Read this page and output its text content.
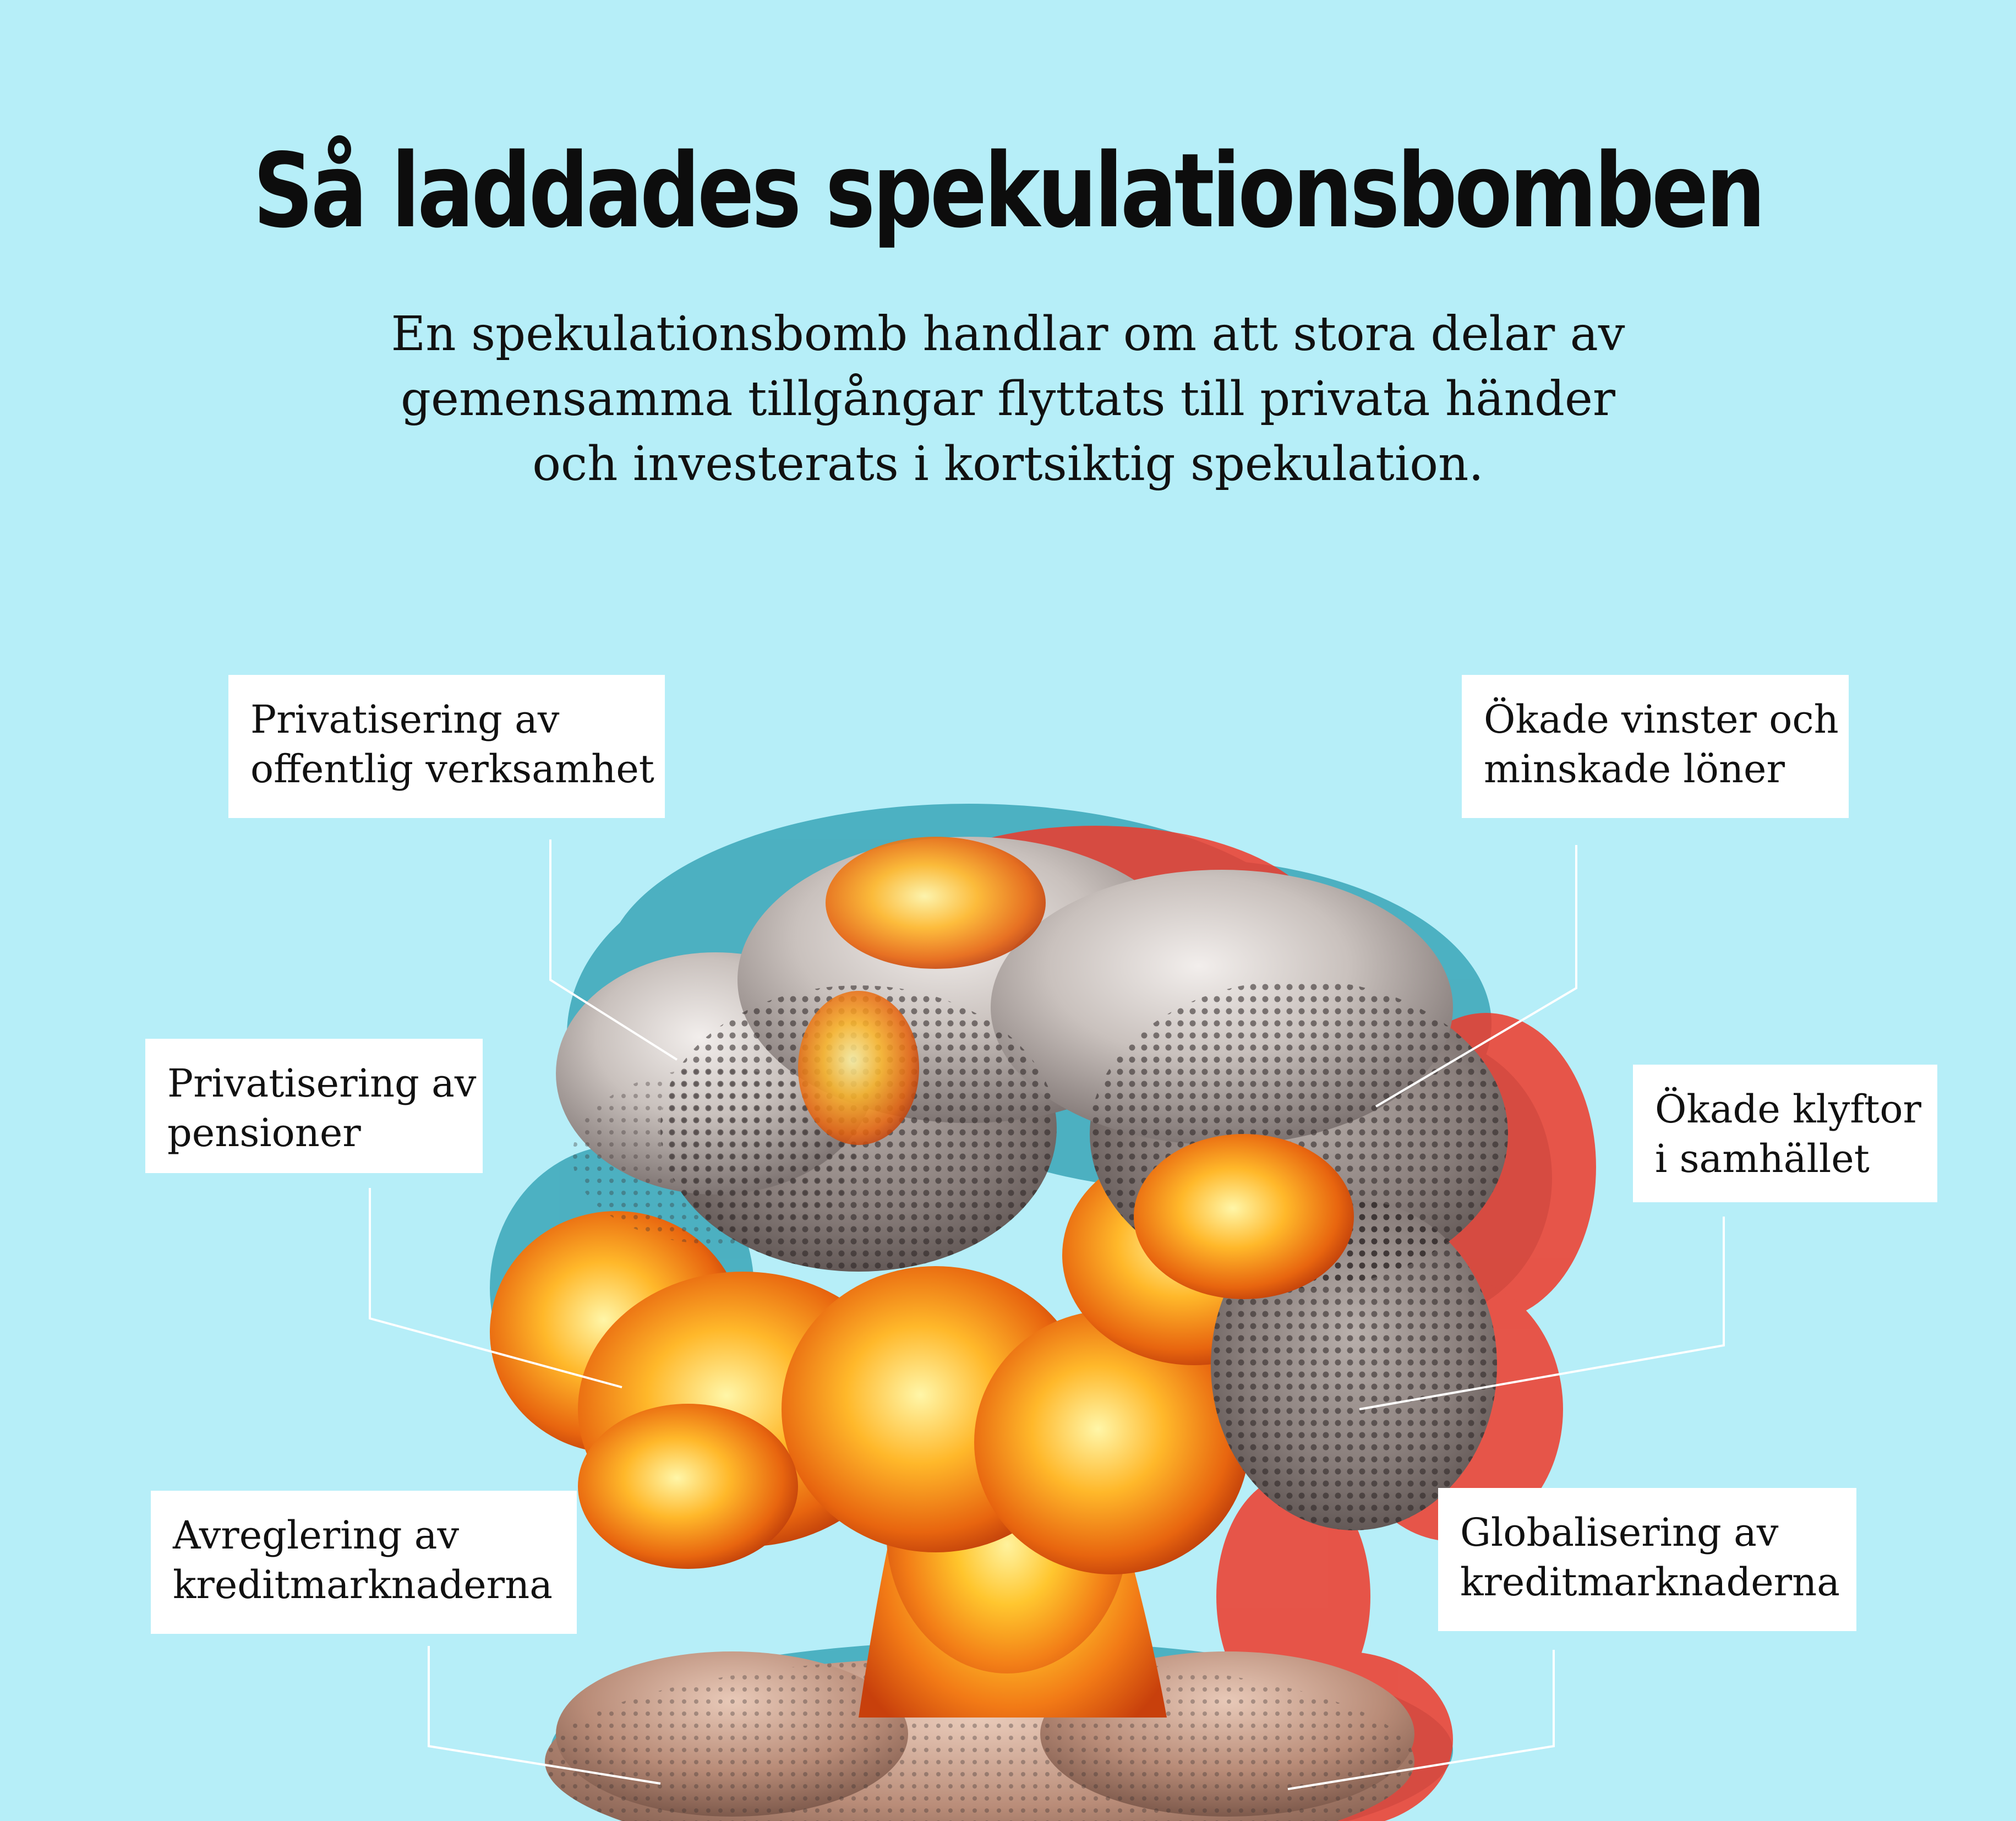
Så laddades spekulationsbomben
En spekulationsbomb handlar om att stora delar av
gemensamma tillgångar flyttats till privata händer
och investerats i kortsiktig spekulation.
Privatisering av
offentlig verksamhet
Privatisering av
pensioner
Avreglering av
kreditmarknaderna
Ökade vinster och
minskade löner
Ökade klyftor
i samhället
Globalisering av
kreditmarknaderna
